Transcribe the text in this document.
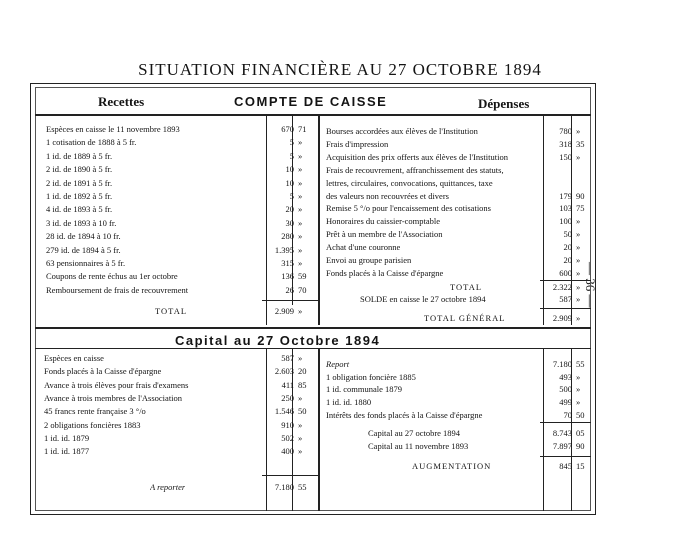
SITUATION FINANCIÈRE AU 27 OCTOBRE 1894
— 36 —
Recettes	COMPTE DE CAISSE	Dépenses
Espèces en caisse le 11 novembre 1893	670 71
1 cotisation de 1888 à 5 fr.	5 »
1 id. de 1889 à 5 fr.	5 »
2 id. de 1890 à 5 fr.	10 »
2 id. de 1891 à 5 fr.	10 »
1 id. de 1892 à 5 fr.	5 »
4 id. de 1893 à 5 fr.	20 »
3 id. de 1893 à 10 fr.	30 »
28 id. de 1894 à 10 fr.	280 »
279 id. de 1894 à 5 fr.	1.395 »
63 pensionnaires à 5 fr.	315 »
Coupons de rente échus au 1er octobre	136 59
Remboursement de frais de recouvrement	26 70
TOTAL	2.909 »
Bourses accordées aux élèves de l'Institution	780 »
Frais d'impression	318 35
Acquisition des prix offerts aux élèves de l'Institution	150 »
Frais de recouvrement, affranchissement des statuts,
lettres, circulaires, convocations, quittances, taxe
des valeurs non recouvrées et divers	179 90
Remise 5 °/o pour l'encaissement des cotisations	103 75
Honoraires du caissier-comptable	100 »
Prêt à un membre de l'Association	50 »
Achat d'une couronne	20 »
Envoi au groupe parisien	20 »
Fonds placés à la Caisse d'épargne	600 »
TOTAL	2.322 »
SOLDE en caisse le 27 octobre 1894	587 »
TOTAL GÉNÉRAL	2.909 »
Capital au 27 Octobre 1894
Espèces en caisse	587 »
Fonds placés à la Caisse d'épargne	2.603 20
Avance à trois élèves pour frais d'examens	411 85
Avance à trois membres de l'Association	250 »
45 francs rente française 3 °/o	1.546 50
2 obligations foncières 1883	910 »
1 id. id. 1879	502 »
1 id. id. 1877	400 »
A reporter	7.180 55
Report	7.180 55
1 obligation foncière 1885	493 »
1 id. communale 1879	500 »
1 id. id. 1880	499 »
Intérêts des fonds placés à la Caisse d'épargne	70 50
Capital au 27 octobre 1894	8.743 05
Capital au 11 novembre 1893	7.897 90
AUGMENTATION	845 15
